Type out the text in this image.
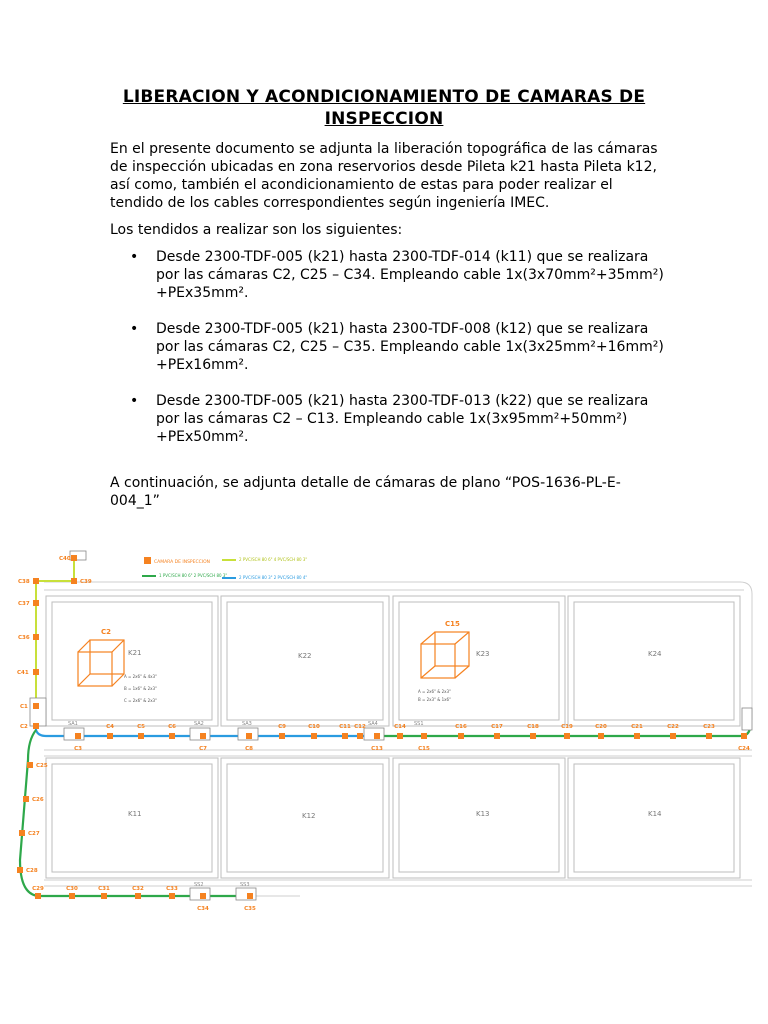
LIBERACION Y ACONDICIONAMIENTO DE CAMARAS DE INSPECCION
En el presente documento se adjunta la liberación topográfica de las cámaras de inspección ubicadas en zona reservorios desde Pileta k21 hasta Pileta k12, así como, también el acondicionamiento de estas para poder realizar el tendido de los cables correspondientes según ingeniería IMEC.
Los tendidos a realizar son los siguientes:
• Desde 2300-TDF-005 (k21) hasta 2300-TDF-014 (k11) que se realizara por las cámaras C2, C25 – C34. Empleando cable 1x(3x70mm²+35mm²) +PEx35mm².
• Desde 2300-TDF-005 (k21) hasta 2300-TDF-008 (k12) que se realizara por las cámaras C2, C25 – C35. Empleando cable 1x(3x25mm²+16mm²) +PEx16mm².
• Desde 2300-TDF-005 (k21) hasta 2300-TDF-013 (k22) que se realizara por las cámaras C2 – C13. Empleando cable 1x(3x95mm²+50mm²) +PEx50mm².
A continuación, se adjunta detalle de cámaras de plano “POS-1636-PL-E-004_1”
K21	K22	K23	K24
K11	K12	K13	K14
CAMARA DE INSPECCION
1 PVC/SCH 80 6" 2 PVC/SCH 80 3"
2 PVC/SCH 80 6" 4 PVC/SCH 80 3"
2 PVC/SCH 80 3" 2 PVC/SCH 80 4"
SA1	SA2	SA3	SA4	SS1
SS2	SS3
C2
A = 2x6" & 4x3"
B = 1x6" & 2x3"
C = 2x6" & 2x3"
C15
A = 2x6" & 2x3"
B = 2x3" & 1x6"
C40
C39
C38
C37
C36
C41
C1
C2
C3
C4	C5	C6
C7	C8
C9	C10	C11 C12
C13
C14
C15
C16	C17	C18	C19	C20	C21	C22	C23
C24
C25
C26
C27
C28
C29	C30	C31	C32	C33
C34	C35
